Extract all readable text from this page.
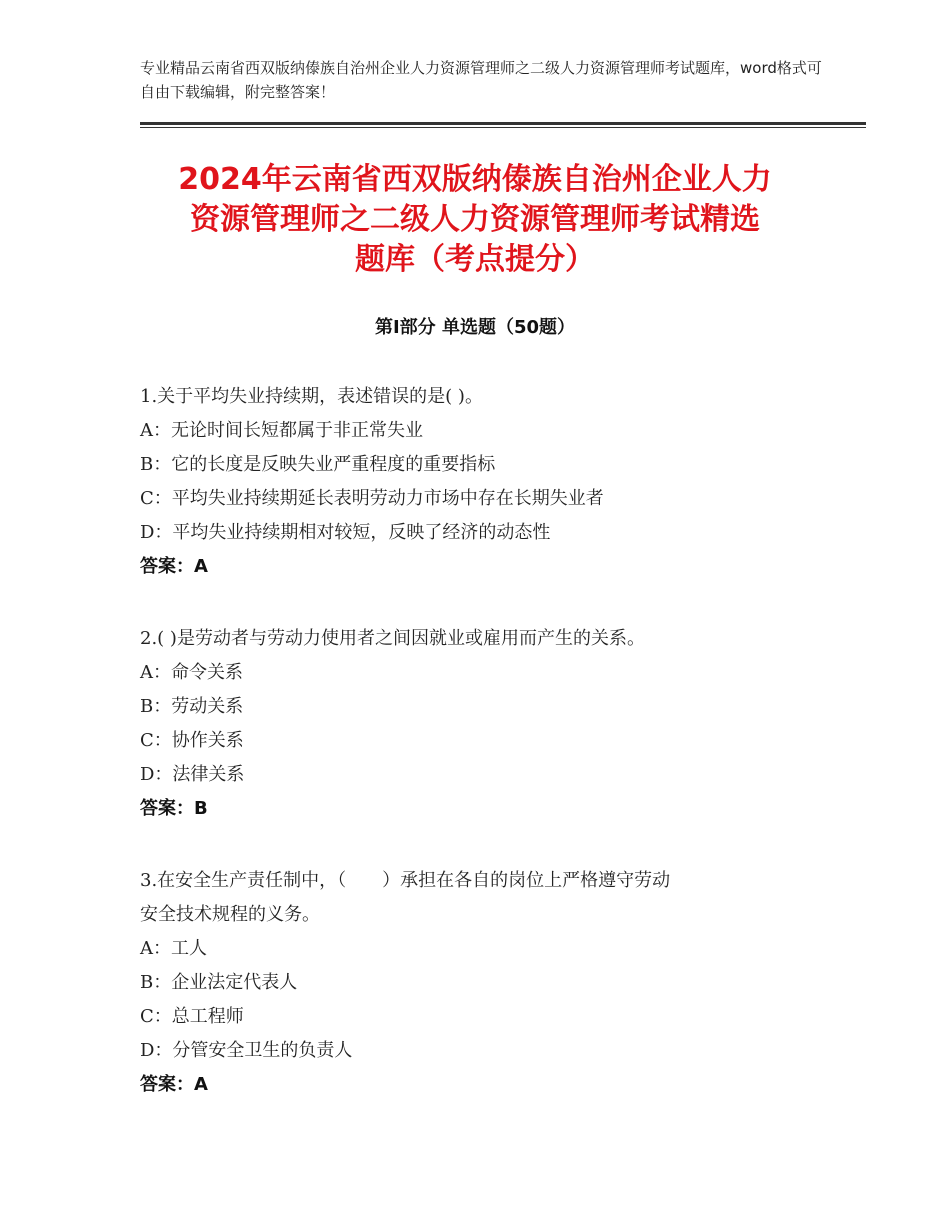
专业精品云南省西双版纳傣族自治州企业人力资源管理师之二级人力资源管理师考试题库，word格式可自由下载编辑，附完整答案！
2024年云南省西双版纳傣族自治州企业人力
资源管理师之二级人力资源管理师考试精选
题库（考点提分）
第Ⅰ部分 单选题（50题）
1.关于平均失业持续期，表述错误的是( )。
A：无论时间长短都属于非正常失业
B：它的长度是反映失业严重程度的重要指标
C：平均失业持续期延长表明劳动力市场中存在长期失业者
D：平均失业持续期相对较短，反映了经济的动态性
答案：A
2.( )是劳动者与劳动力使用者之间因就业或雇用而产生的关系。
A：命令关系
B：劳动关系
C：协作关系
D：法律关系
答案：B
3.在安全生产责任制中，（　　）承担在各自的岗位上严格遵守劳动
安全技术规程的义务。
A：工人
B：企业法定代表人
C：总工程师
D：分管安全卫生的负责人
答案：A
